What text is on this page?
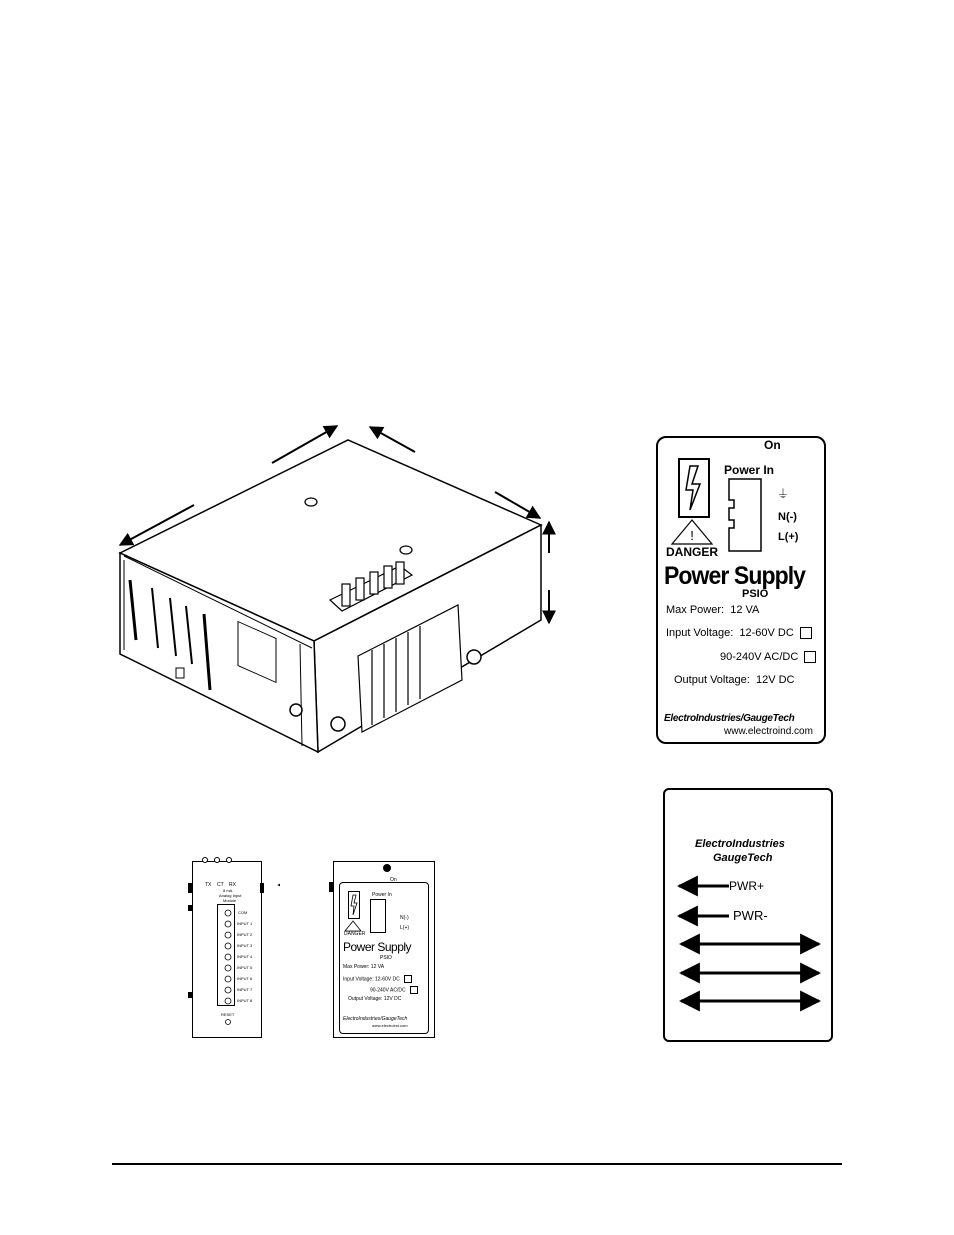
On
!
DANGER
Power In
⏚
N(-)
L(+)
Power Supply
PSIO
Max Power: 12 VA
Input Voltage: 12-60V DC
90-240V AC/DC
Output Voltage: 12V DC
ElectroIndustries/GaugeTech
www.electroind.com
ElectroIndustries
GaugeTech
PWR+
PWR-
TX CT RX
8 mA
Analog Input
Module
COM
INPUT 1
INPUT 2
INPUT 3
INPUT 4
INPUT 5
INPUT 6
INPUT 7
INPUT 8
RESET
On
DANGER
Power In
N(-)
L(+)
Power Supply
PSIO
Max Power: 12 VA
Input Voltage: 12-60V DC
90-240V AC/DC
Output Voltage: 12V DC
ElectroIndustries/GaugeTech
www.electroind.com
